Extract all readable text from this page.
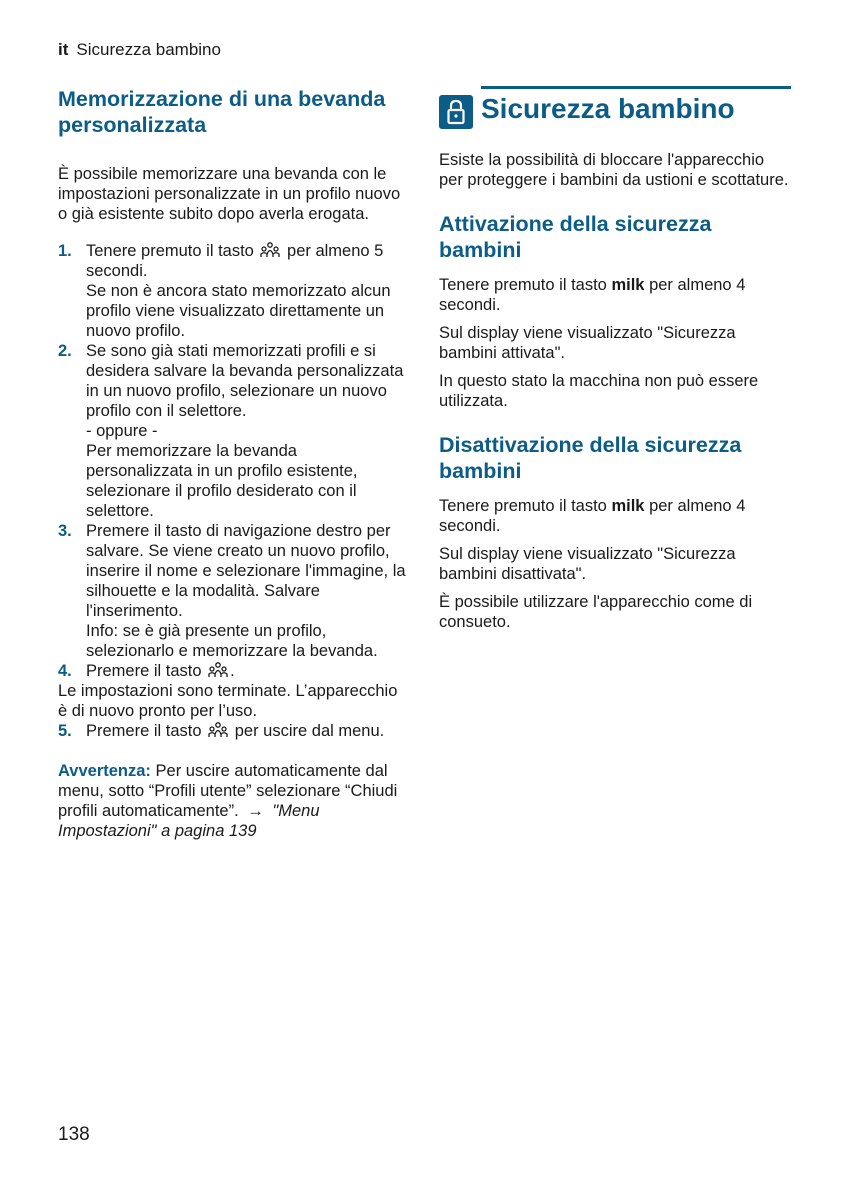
it Sicurezza bambino
Memorizzazione di una bevanda personalizzata

È possibile memorizzare una bevanda con le impostazioni personalizzate in un profilo nuovo o già esistente subito dopo averla erogata.

1. Tenere premuto il tasto per almeno 5 secondi.
Se non è ancora stato memorizzato alcun profilo viene visualizzato direttamente un nuovo profilo.
2. Se sono già stati memorizzati profili e si desidera salvare la bevanda personalizzata in un nuovo profilo, selezionare un nuovo profilo con il selettore.
- oppure -
Per memorizzare la bevanda personalizzata in un profilo esistente, selezionare il profilo desiderato con il selettore.
3. Premere il tasto di navigazione destro per salvare. Se viene creato un nuovo profilo, inserire il nome e selezionare l'immagine, la silhouette e la modalità. Salvare l'inserimento.
Info: se è già presente un profilo, selezionarlo e memorizzare la bevanda.
4. Premere il tasto .
Le impostazioni sono terminate. L’apparecchio è di nuovo pronto per l’uso.
5. Premere il tasto per uscire dal menu.
Avvertenza: Per uscire automaticamente dal menu, sotto “Profili utente” selezionare “Chiudi profili automaticamente”. → "Menu Impostazioni" a pagina 139
Sicurezza bambino

Esiste la possibilità di bloccare l'apparecchio per proteggere i bambini da ustioni e scottature.

Attivazione della sicurezza bambini

Tenere premuto il tasto milk per almeno 4 secondi.

Sul display viene visualizzato "Sicurezza bambini attivata".

In questo stato la macchina non può essere utilizzata.

Disattivazione della sicurezza bambini

Tenere premuto il tasto milk per almeno 4 secondi.

Sul display viene visualizzato "Sicurezza bambini disattivata".

È possibile utilizzare l'apparecchio come di consueto.

138
